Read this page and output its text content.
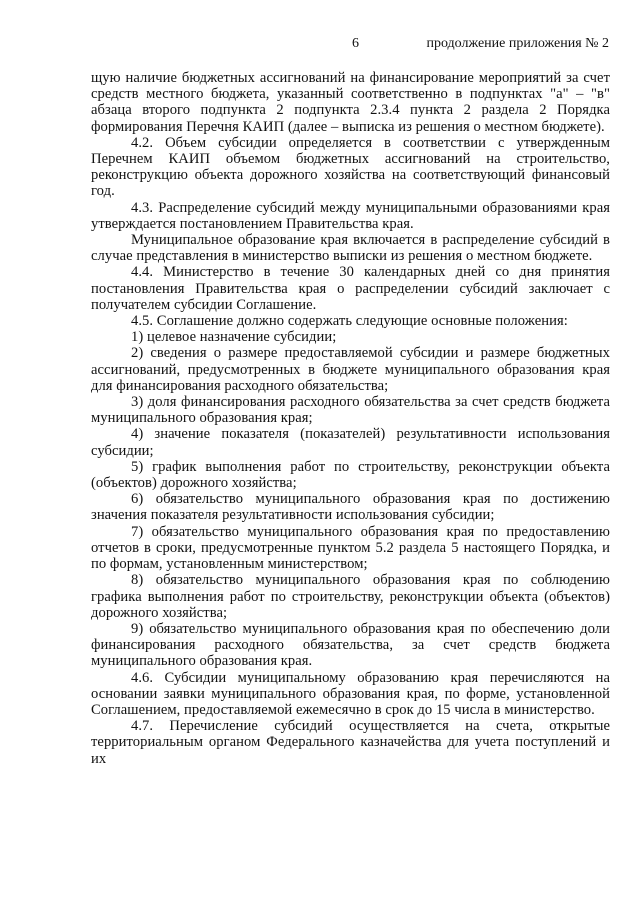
6	продолжение приложения № 2

щую наличие бюджетных ассигнований на финансирование мероприятий за счет средств местного бюджета, указанный соответственно в подпунктах "а" – "в" абзаца второго подпункта 2 подпункта 2.3.4 пункта 2 раздела 2 Порядка формирования Перечня КАИП (далее – выписка из решения о местном бюджете).

4.2. Объем субсидии определяется в соответствии с утвержденным Перечнем КАИП объемом бюджетных ассигнований на строительство, реконструкцию объекта дорожного хозяйства на соответствующий финансовый год.

4.3. Распределение субсидий между муниципальными образованиями края утверждается постановлением Правительства края.

Муниципальное образование края включается в распределение субсидий в случае представления в министерство выписки из решения о местном бюджете.

4.4. Министерство в течение 30 календарных дней со дня принятия постановления Правительства края о распределении субсидий заключает с получателем субсидии Соглашение.

4.5. Соглашение должно содержать следующие основные положения:

1) целевое назначение субсидии;

2) сведения о размере предоставляемой субсидии и размере бюджетных ассигнований, предусмотренных в бюджете муниципального образования края для финансирования расходного обязательства;

3) доля финансирования расходного обязательства за счет средств бюджета муниципального образования края;

4) значение показателя (показателей) результативности использования субсидии;

5) график выполнения работ по строительству, реконструкции объекта (объектов) дорожного хозяйства;

6) обязательство муниципального образования края по достижению значения показателя результативности использования субсидии;

7) обязательство муниципального образования края по предоставлению отчетов в сроки, предусмотренные пунктом 5.2 раздела 5 настоящего Порядка, и по формам, установленным министерством;

8) обязательство муниципального образования края по соблюдению графика выполнения работ по строительству, реконструкции объекта (объектов) дорожного хозяйства;

9) обязательство муниципального образования края по обеспечению доли финансирования расходного обязательства, за счет средств бюджета муниципального образования края.

4.6. Субсидии муниципальному образованию края перечисляются на основании заявки муниципального образования края, по форме, установленной Соглашением, предоставляемой ежемесячно в срок до 15 числа в министерство.

4.7. Перечисление субсидий осуществляется на счета, открытые территориальным органом Федерального казначейства для учета поступлений и их
